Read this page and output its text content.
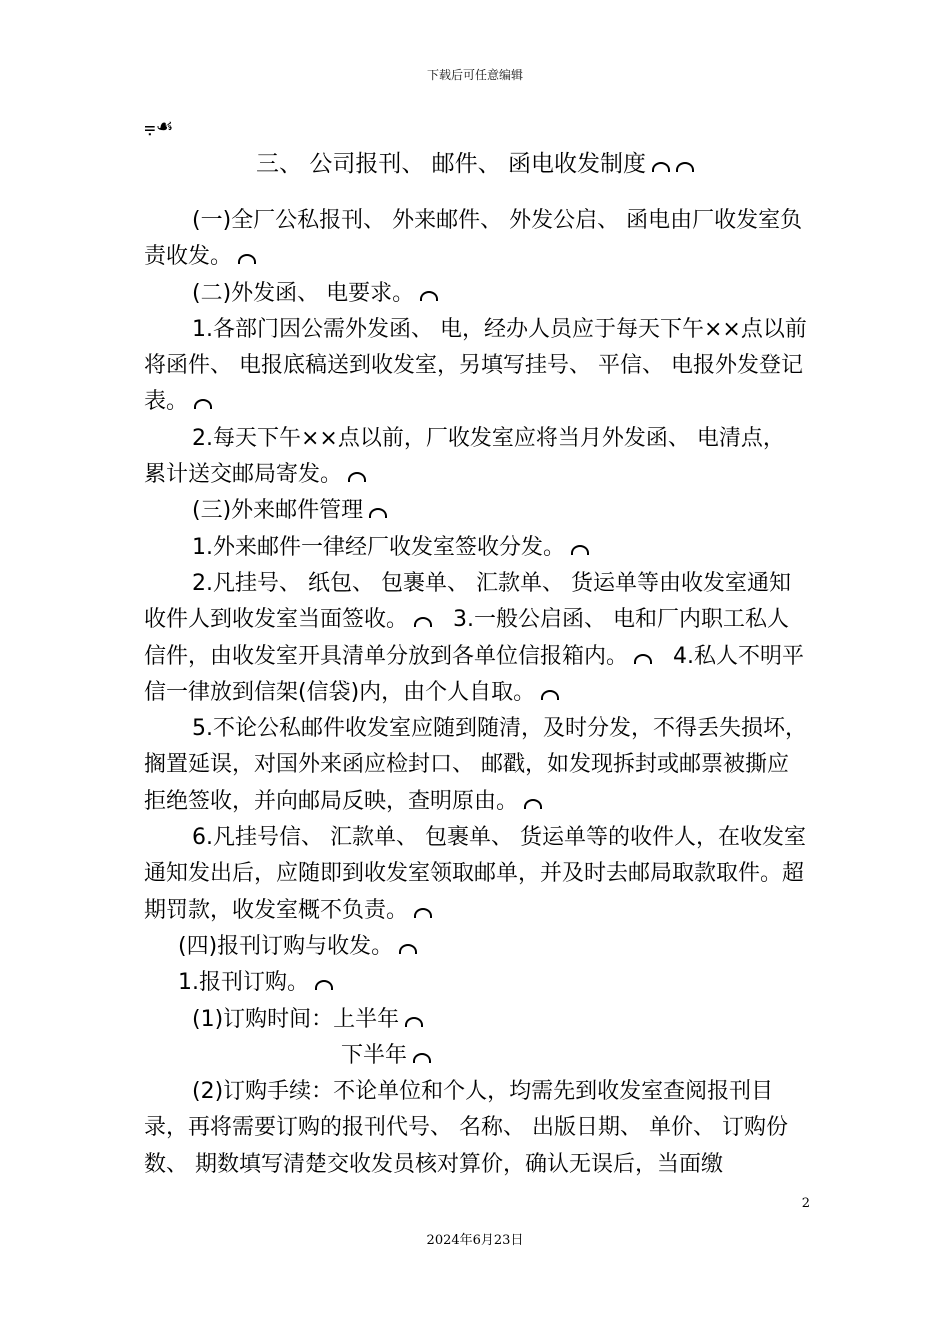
下载后可任意编辑
⩦☙
三、 公司报刊、 邮件、 函电收发制度

(一)全厂公私报刊、 外来邮件、 外发公启、 函电由厂收发室负责收发。

(二)外发函、 电要求。

1.各部门因公需外发函、 电，经办人员应于每天下午××点以前将函件、 电报底稿送到收发室，另填写挂号、 平信、 电报外发登记表。

2.每天下午××点以前，厂收发室应将当月外发函、 电清点， 累计送交邮局寄发。

(三)外来邮件管理

1.外来邮件一律经厂收发室签收分发。

2.凡挂号、 纸包、 包裹单、 汇款单、 货运单等由收发室通知收件人到收发室当面签收。 3.一般公启函、 电和厂内职工私人信件，由收发室开具清单分放到各单位信报箱内。 4.私人不明平信一律放到信架(信袋)内，由个人自取。

5.不论公私邮件收发室应随到随清，及时分发，不得丢失损坏，搁置延误，对国外来函应检封口、 邮戳，如发现拆封或邮票被撕应拒绝签收，并向邮局反映，查明原由。

6.凡挂号信、 汇款单、 包裹单、 货运单等的收件人，在收发室通知发出后，应随即到收发室领取邮单，并及时去邮局取款取件。超期罚款，收发室概不负责。

(四)报刊订购与收发。

1.报刊订购。

(1)订购时间：上半年

下半年

(2)订购手续：不论单位和个人，均需先到收发室查阅报刊目录，再将需要订购的报刊代号、 名称、 出版日期、 单价、 订购份数、 期数填写清楚交收发员核对算价，确认无误后，当面缴

2
2024年6月23日
